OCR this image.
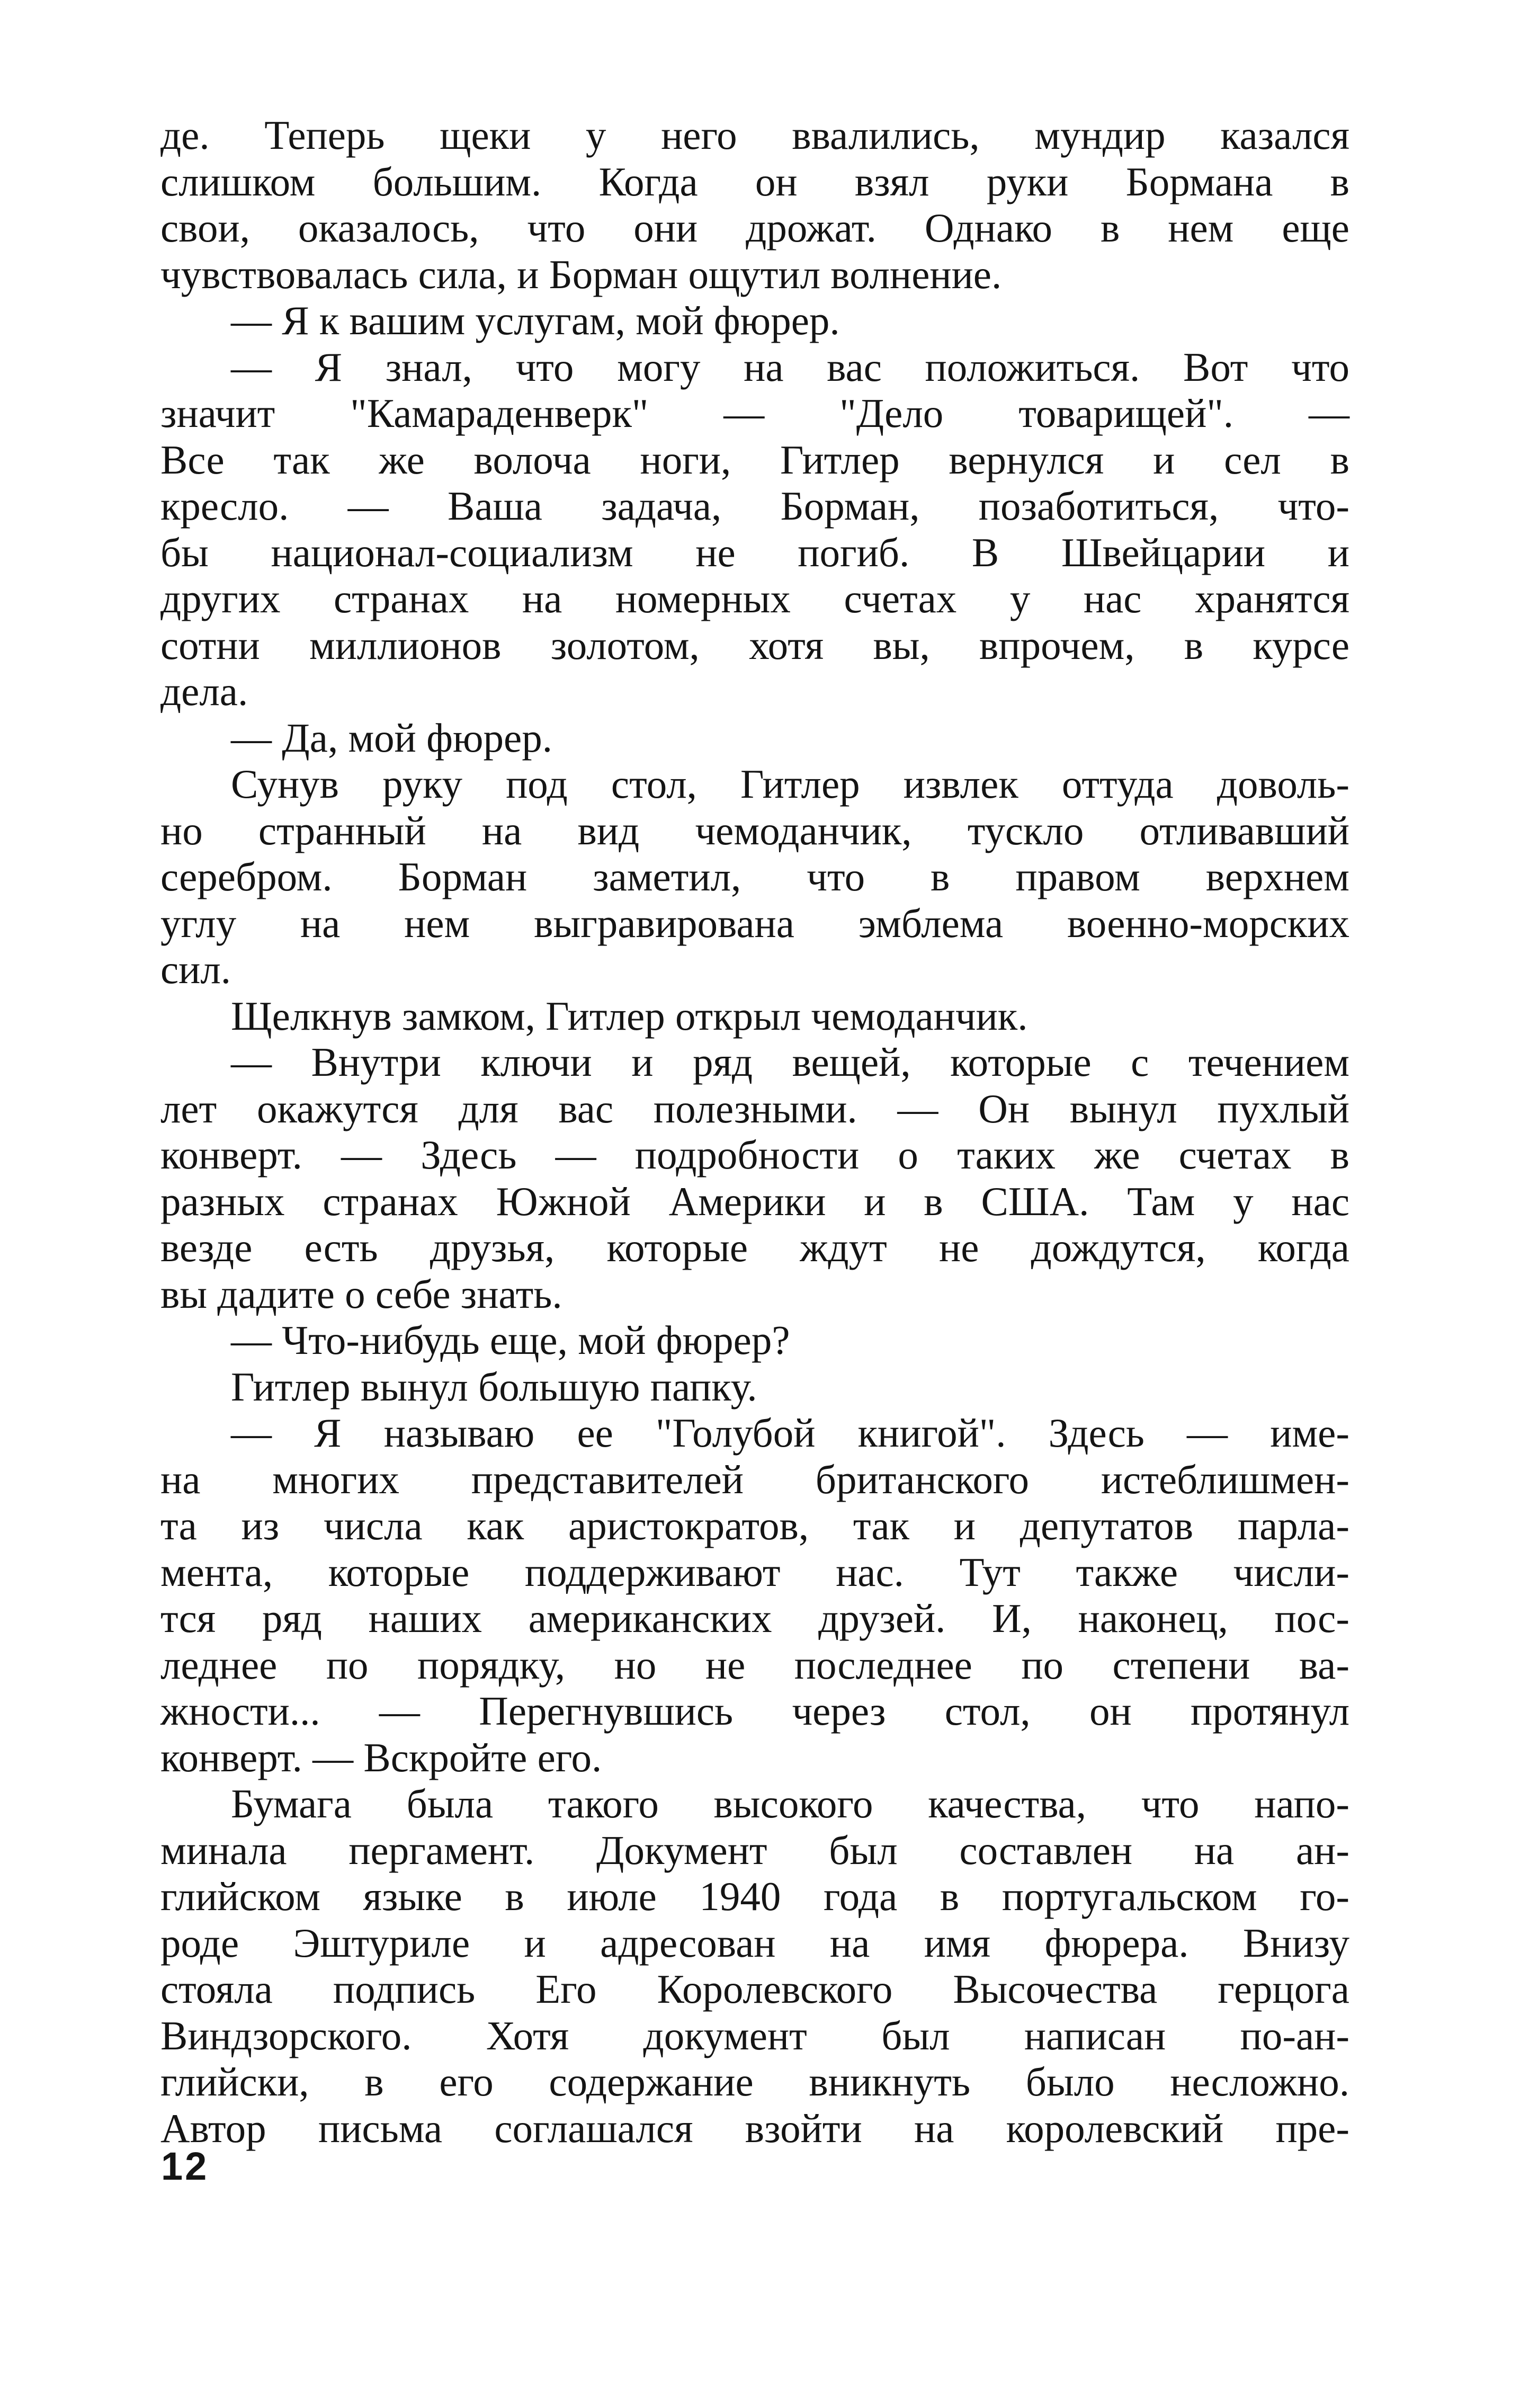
де. Теперь щеки у него ввалились, мундир казался
слишком большим. Когда он взял руки Бормана в
свои, оказалось, что они дрожат. Однако в нем еще
чувствовалась сила, и Борман ощутил волнение.
— Я к вашим услугам, мой фюрер.
— Я знал, что могу на вас положиться. Вот что
значит "Камараденверк" — "Дело товарищей". —
Все так же волоча ноги, Гитлер вернулся и сел в
кресло. — Ваша задача, Борман, позаботиться, что-
бы национал-социализм не погиб. В Швейцарии и
других странах на номерных счетах у нас хранятся
сотни миллионов золотом, хотя вы, впрочем, в курсе
дела.
— Да, мой фюрер.
Сунув руку под стол, Гитлер извлек оттуда доволь-
но странный на вид чемоданчик, тускло отливавший
серебром. Борман заметил, что в правом верхнем
углу на нем выгравирована эмблема военно-морских
сил.
Щелкнув замком, Гитлер открыл чемоданчик.
— Внутри ключи и ряд вещей, которые с течением
лет окажутся для вас полезными. — Он вынул пухлый
конверт. — Здесь — подробности о таких же счетах в
разных странах Южной Америки и в США. Там у нас
везде есть друзья, которые ждут не дождутся, когда
вы дадите о себе знать.
— Что-нибудь еще, мой фюрер?
Гитлер вынул большую папку.
— Я называю ее "Голубой книгой". Здесь — име-
на многих представителей британского истеблишмен-
та из числа как аристократов, так и депутатов парла-
мента, которые поддерживают нас. Тут также числи-
тся ряд наших американских друзей. И, наконец, пос-
леднее по порядку, но не последнее по степени ва-
жности... — Перегнувшись через стол, он протянул
конверт. — Вскройте его.
Бумага была такого высокого качества, что напо-
минала пергамент. Документ был составлен на ан-
глийском языке в июле 1940 года в португальском го-
роде Эштуриле и адресован на имя фюрера. Внизу
стояла подпись Его Королевского Высочества герцога
Виндзорского. Хотя документ был написан по-ан-
глийски, в его содержание вникнуть было несложно.
Автор письма соглашался взойти на королевский пре-
12
